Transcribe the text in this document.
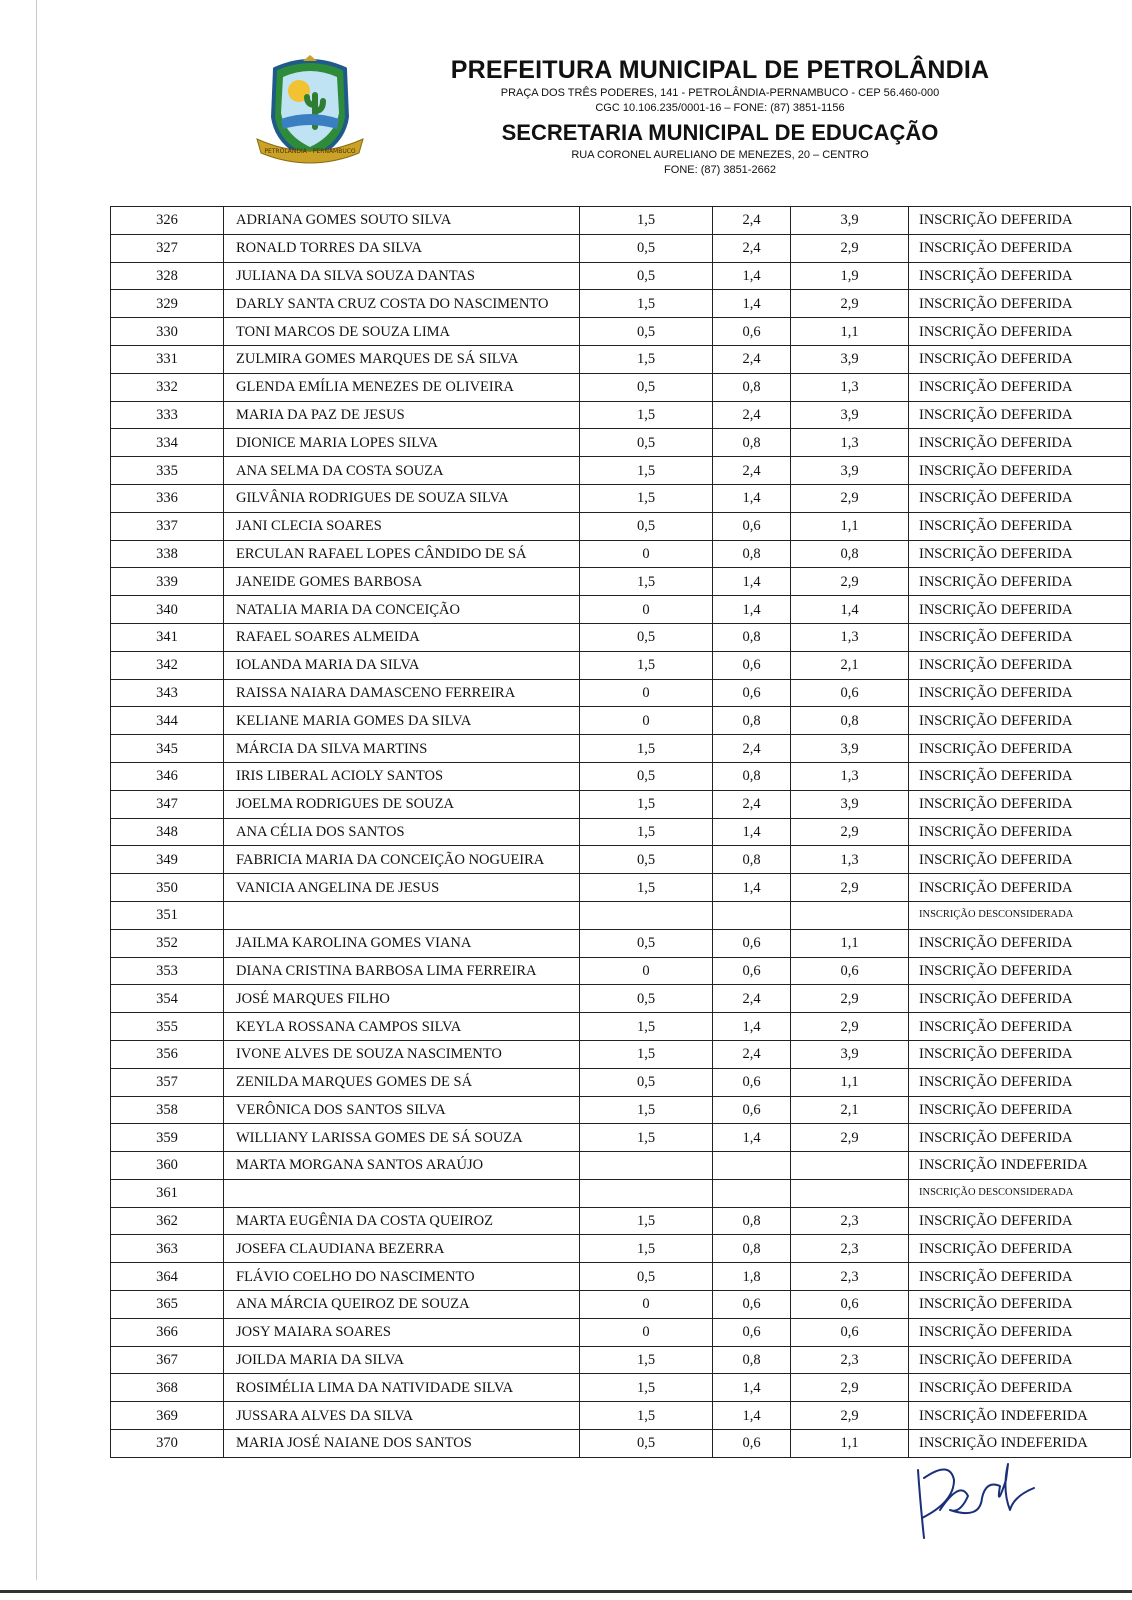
PETROLÂNDIA - PERNAMBUCO
PREFEITURA MUNICIPAL DE PETROLÂNDIA
PRAÇA DOS TRÊS PODERES, 141 - PETROLÂNDIA-PERNAMBUCO - CEP 56.460-000
CGC 10.106.235/0001-16 – FONE: (87) 3851-1156
SECRETARIA MUNICIPAL DE EDUCAÇÃO
RUA CORONEL AURELIANO DE MENEZES, 20 – CENTRO
FONE: (87) 3851-2662
326	ADRIANA GOMES SOUTO SILVA	1,5	2,4	3,9	INSCRIÇÃO DEFERIDA
327	RONALD TORRES DA SILVA	0,5	2,4	2,9	INSCRIÇÃO DEFERIDA
328	JULIANA DA SILVA SOUZA DANTAS	0,5	1,4	1,9	INSCRIÇÃO DEFERIDA
329	DARLY SANTA CRUZ COSTA DO NASCIMENTO	1,5	1,4	2,9	INSCRIÇÃO DEFERIDA
330	TONI MARCOS DE SOUZA LIMA	0,5	0,6	1,1	INSCRIÇÃO DEFERIDA
331	ZULMIRA GOMES MARQUES DE SÁ SILVA	1,5	2,4	3,9	INSCRIÇÃO DEFERIDA
332	GLENDA EMÍLIA MENEZES DE OLIVEIRA	0,5	0,8	1,3	INSCRIÇÃO DEFERIDA
333	MARIA DA PAZ DE JESUS	1,5	2,4	3,9	INSCRIÇÃO DEFERIDA
334	DIONICE MARIA LOPES SILVA	0,5	0,8	1,3	INSCRIÇÃO DEFERIDA
335	ANA SELMA DA COSTA SOUZA	1,5	2,4	3,9	INSCRIÇÃO DEFERIDA
336	GILVÂNIA RODRIGUES DE SOUZA SILVA	1,5	1,4	2,9	INSCRIÇÃO DEFERIDA
337	JANI CLECIA SOARES	0,5	0,6	1,1	INSCRIÇÃO DEFERIDA
338	ERCULAN RAFAEL LOPES CÂNDIDO DE SÁ	0	0,8	0,8	INSCRIÇÃO DEFERIDA
339	JANEIDE GOMES BARBOSA	1,5	1,4	2,9	INSCRIÇÃO DEFERIDA
340	NATALIA MARIA DA CONCEIÇÃO	0	1,4	1,4	INSCRIÇÃO DEFERIDA
341	RAFAEL SOARES ALMEIDA	0,5	0,8	1,3	INSCRIÇÃO DEFERIDA
342	IOLANDA MARIA DA SILVA	1,5	0,6	2,1	INSCRIÇÃO DEFERIDA
343	RAISSA NAIARA DAMASCENO FERREIRA	0	0,6	0,6	INSCRIÇÃO DEFERIDA
344	KELIANE MARIA GOMES DA SILVA	0	0,8	0,8	INSCRIÇÃO DEFERIDA
345	MÁRCIA DA SILVA MARTINS	1,5	2,4	3,9	INSCRIÇÃO DEFERIDA
346	IRIS LIBERAL ACIOLY SANTOS	0,5	0,8	1,3	INSCRIÇÃO DEFERIDA
347	JOELMA RODRIGUES DE SOUZA	1,5	2,4	3,9	INSCRIÇÃO DEFERIDA
348	ANA CÉLIA DOS SANTOS	1,5	1,4	2,9	INSCRIÇÃO DEFERIDA
349	FABRICIA MARIA DA CONCEIÇÃO NOGUEIRA	0,5	0,8	1,3	INSCRIÇÃO DEFERIDA
350	VANICIA ANGELINA DE JESUS	1,5	1,4	2,9	INSCRIÇÃO DEFERIDA
351					INSCRIÇÃO DESCONSIDERADA
352	JAILMA KAROLINA GOMES VIANA	0,5	0,6	1,1	INSCRIÇÃO DEFERIDA
353	DIANA CRISTINA BARBOSA LIMA FERREIRA	0	0,6	0,6	INSCRIÇÃO DEFERIDA
354	JOSÉ MARQUES FILHO	0,5	2,4	2,9	INSCRIÇÃO DEFERIDA
355	KEYLA ROSSANA CAMPOS SILVA	1,5	1,4	2,9	INSCRIÇÃO DEFERIDA
356	IVONE ALVES DE SOUZA NASCIMENTO	1,5	2,4	3,9	INSCRIÇÃO DEFERIDA
357	ZENILDA MARQUES GOMES DE SÁ	0,5	0,6	1,1	INSCRIÇÃO DEFERIDA
358	VERÔNICA DOS SANTOS SILVA	1,5	0,6	2,1	INSCRIÇÃO DEFERIDA
359	WILLIANY LARISSA GOMES DE SÁ SOUZA	1,5	1,4	2,9	INSCRIÇÃO DEFERIDA
360	MARTA MORGANA SANTOS ARAÚJO				INSCRIÇÃO INDEFERIDA
361					INSCRIÇÃO DESCONSIDERADA
362	MARTA EUGÊNIA DA COSTA QUEIROZ	1,5	0,8	2,3	INSCRIÇÃO DEFERIDA
363	JOSEFA CLAUDIANA BEZERRA	1,5	0,8	2,3	INSCRIÇÃO DEFERIDA
364	FLÁVIO COELHO DO NASCIMENTO	0,5	1,8	2,3	INSCRIÇÃO DEFERIDA
365	ANA MÁRCIA QUEIROZ DE SOUZA	0	0,6	0,6	INSCRIÇÃO DEFERIDA
366	JOSY MAIARA SOARES	0	0,6	0,6	INSCRIÇÃO DEFERIDA
367	JOILDA MARIA DA SILVA	1,5	0,8	2,3	INSCRIÇÃO DEFERIDA
368	ROSIMÉLIA LIMA DA NATIVIDADE SILVA	1,5	1,4	2,9	INSCRIÇÃO DEFERIDA
369	JUSSARA ALVES DA SILVA	1,5	1,4	2,9	INSCRIÇÃO INDEFERIDA
370	MARIA JOSÉ NAIANE DOS SANTOS	0,5	0,6	1,1	INSCRIÇÃO INDEFERIDA
